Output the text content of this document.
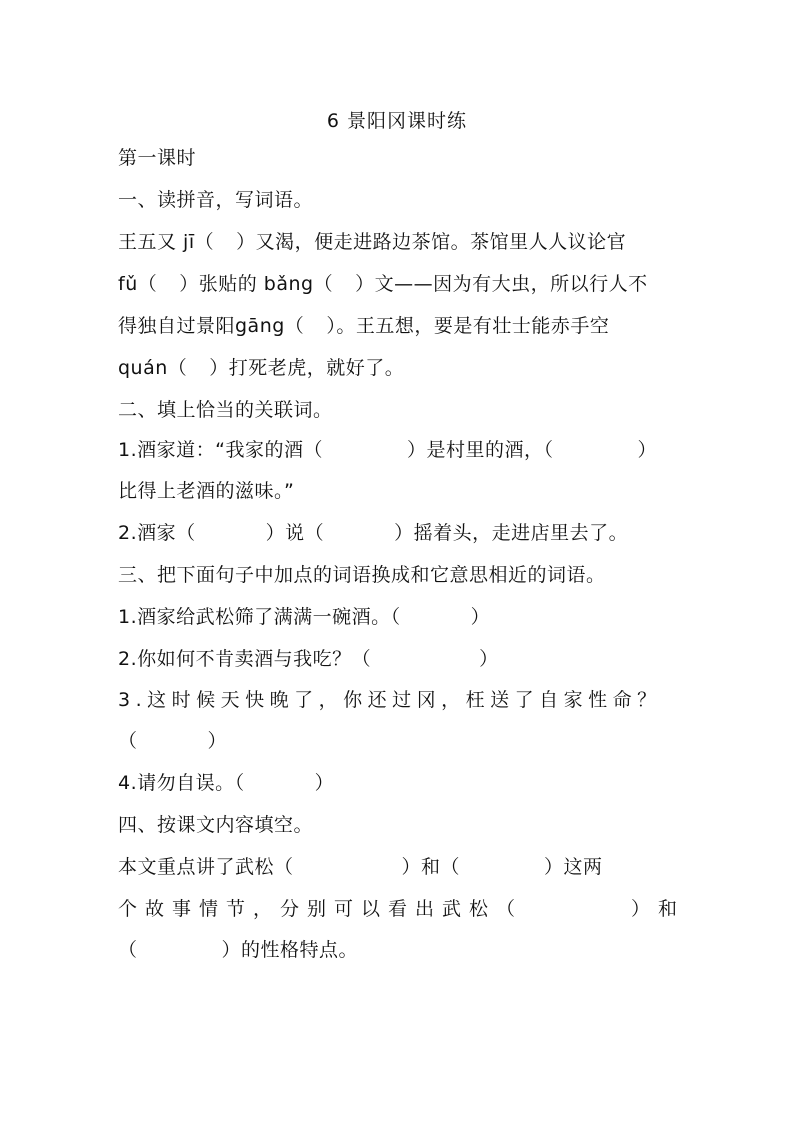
6 景阳冈课时练
第一课时
一、读拼音，写词语。
王五又 jī（ ）又渴，便走进路边茶馆。茶馆里人人议论官
fǔ（ ）张贴的 bǎng（ ）文——因为有大虫，所以行人不
得独自过景阳gāng（ ）。王五想，要是有壮士能赤手空
quán（ ）打死老虎，就好了。
二、填上恰当的关联词。
1.酒家道：“我家的酒（	）是村里的酒，（	）
比得上老酒的滋味。”
2.酒家（	）说（	）摇着头，走进店里去了。
三、把下面句子中加点的词语换成和它意思相近的词语。
1.酒家给武松筛了满满一碗酒。（	）
2.你如何不肯卖酒与我吃？（	）
3.这时候天快晚了，你还过冈，枉送了自家性命？
（	）
4.请勿自误。（	）
四、按课文内容填空。
本文重点讲了武松（	）和（	）这两
个故事情节，分别可以看出武松（	）和
（	）的性格特点。
